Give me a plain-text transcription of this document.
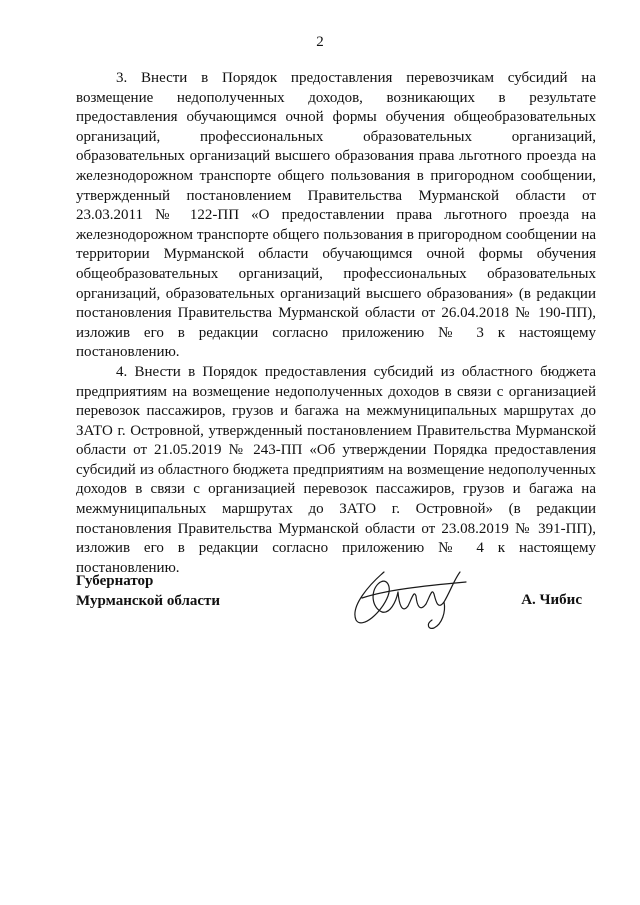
2

3. Внести в Порядок предоставления перевозчикам субсидий на возмещение недополученных доходов, возникающих в результате предоставления обучающимся очной формы обучения общеобразовательных организаций, профессиональных образовательных организаций, образовательных организаций высшего образования права льготного проезда на железнодорожном транспорте общего пользования в пригородном сообщении, утвержденный постановлением Правительства Мурманской области от 23.03.2011 № 122-ПП «О предоставлении права льготного проезда на железнодорожном транспорте общего пользования в пригородном сообщении на территории Мурманской области обучающимся очной формы обучения общеобразовательных организаций, профессиональных образовательных организаций, образовательных организаций высшего образования» (в редакции постановления Правительства Мурманской области от 26.04.2018 № 190-ПП), изложив его в редакции согласно приложению № 3 к настоящему постановлению.

4. Внести в Порядок предоставления субсидий из областного бюджета предприятиям на возмещение недополученных доходов в связи с организацией перевозок пассажиров, грузов и багажа на межмуниципальных маршрутах до ЗАТО г. Островной, утвержденный постановлением Правительства Мурманской области от 21.05.2019 № 243-ПП «Об утверждении Порядка предоставления субсидий из областного бюджета предприятиям на возмещение недополученных доходов в связи с организацией перевозок пассажиров, грузов и багажа на межмуниципальных маршрутах до ЗАТО г. Островной» (в редакции постановления Правительства Мурманской области от 23.08.2019 № 391-ПП), изложив его в редакции согласно приложению № 4 к настоящему постановлению.

Губернатор
Мурманской области	А. Чибис
